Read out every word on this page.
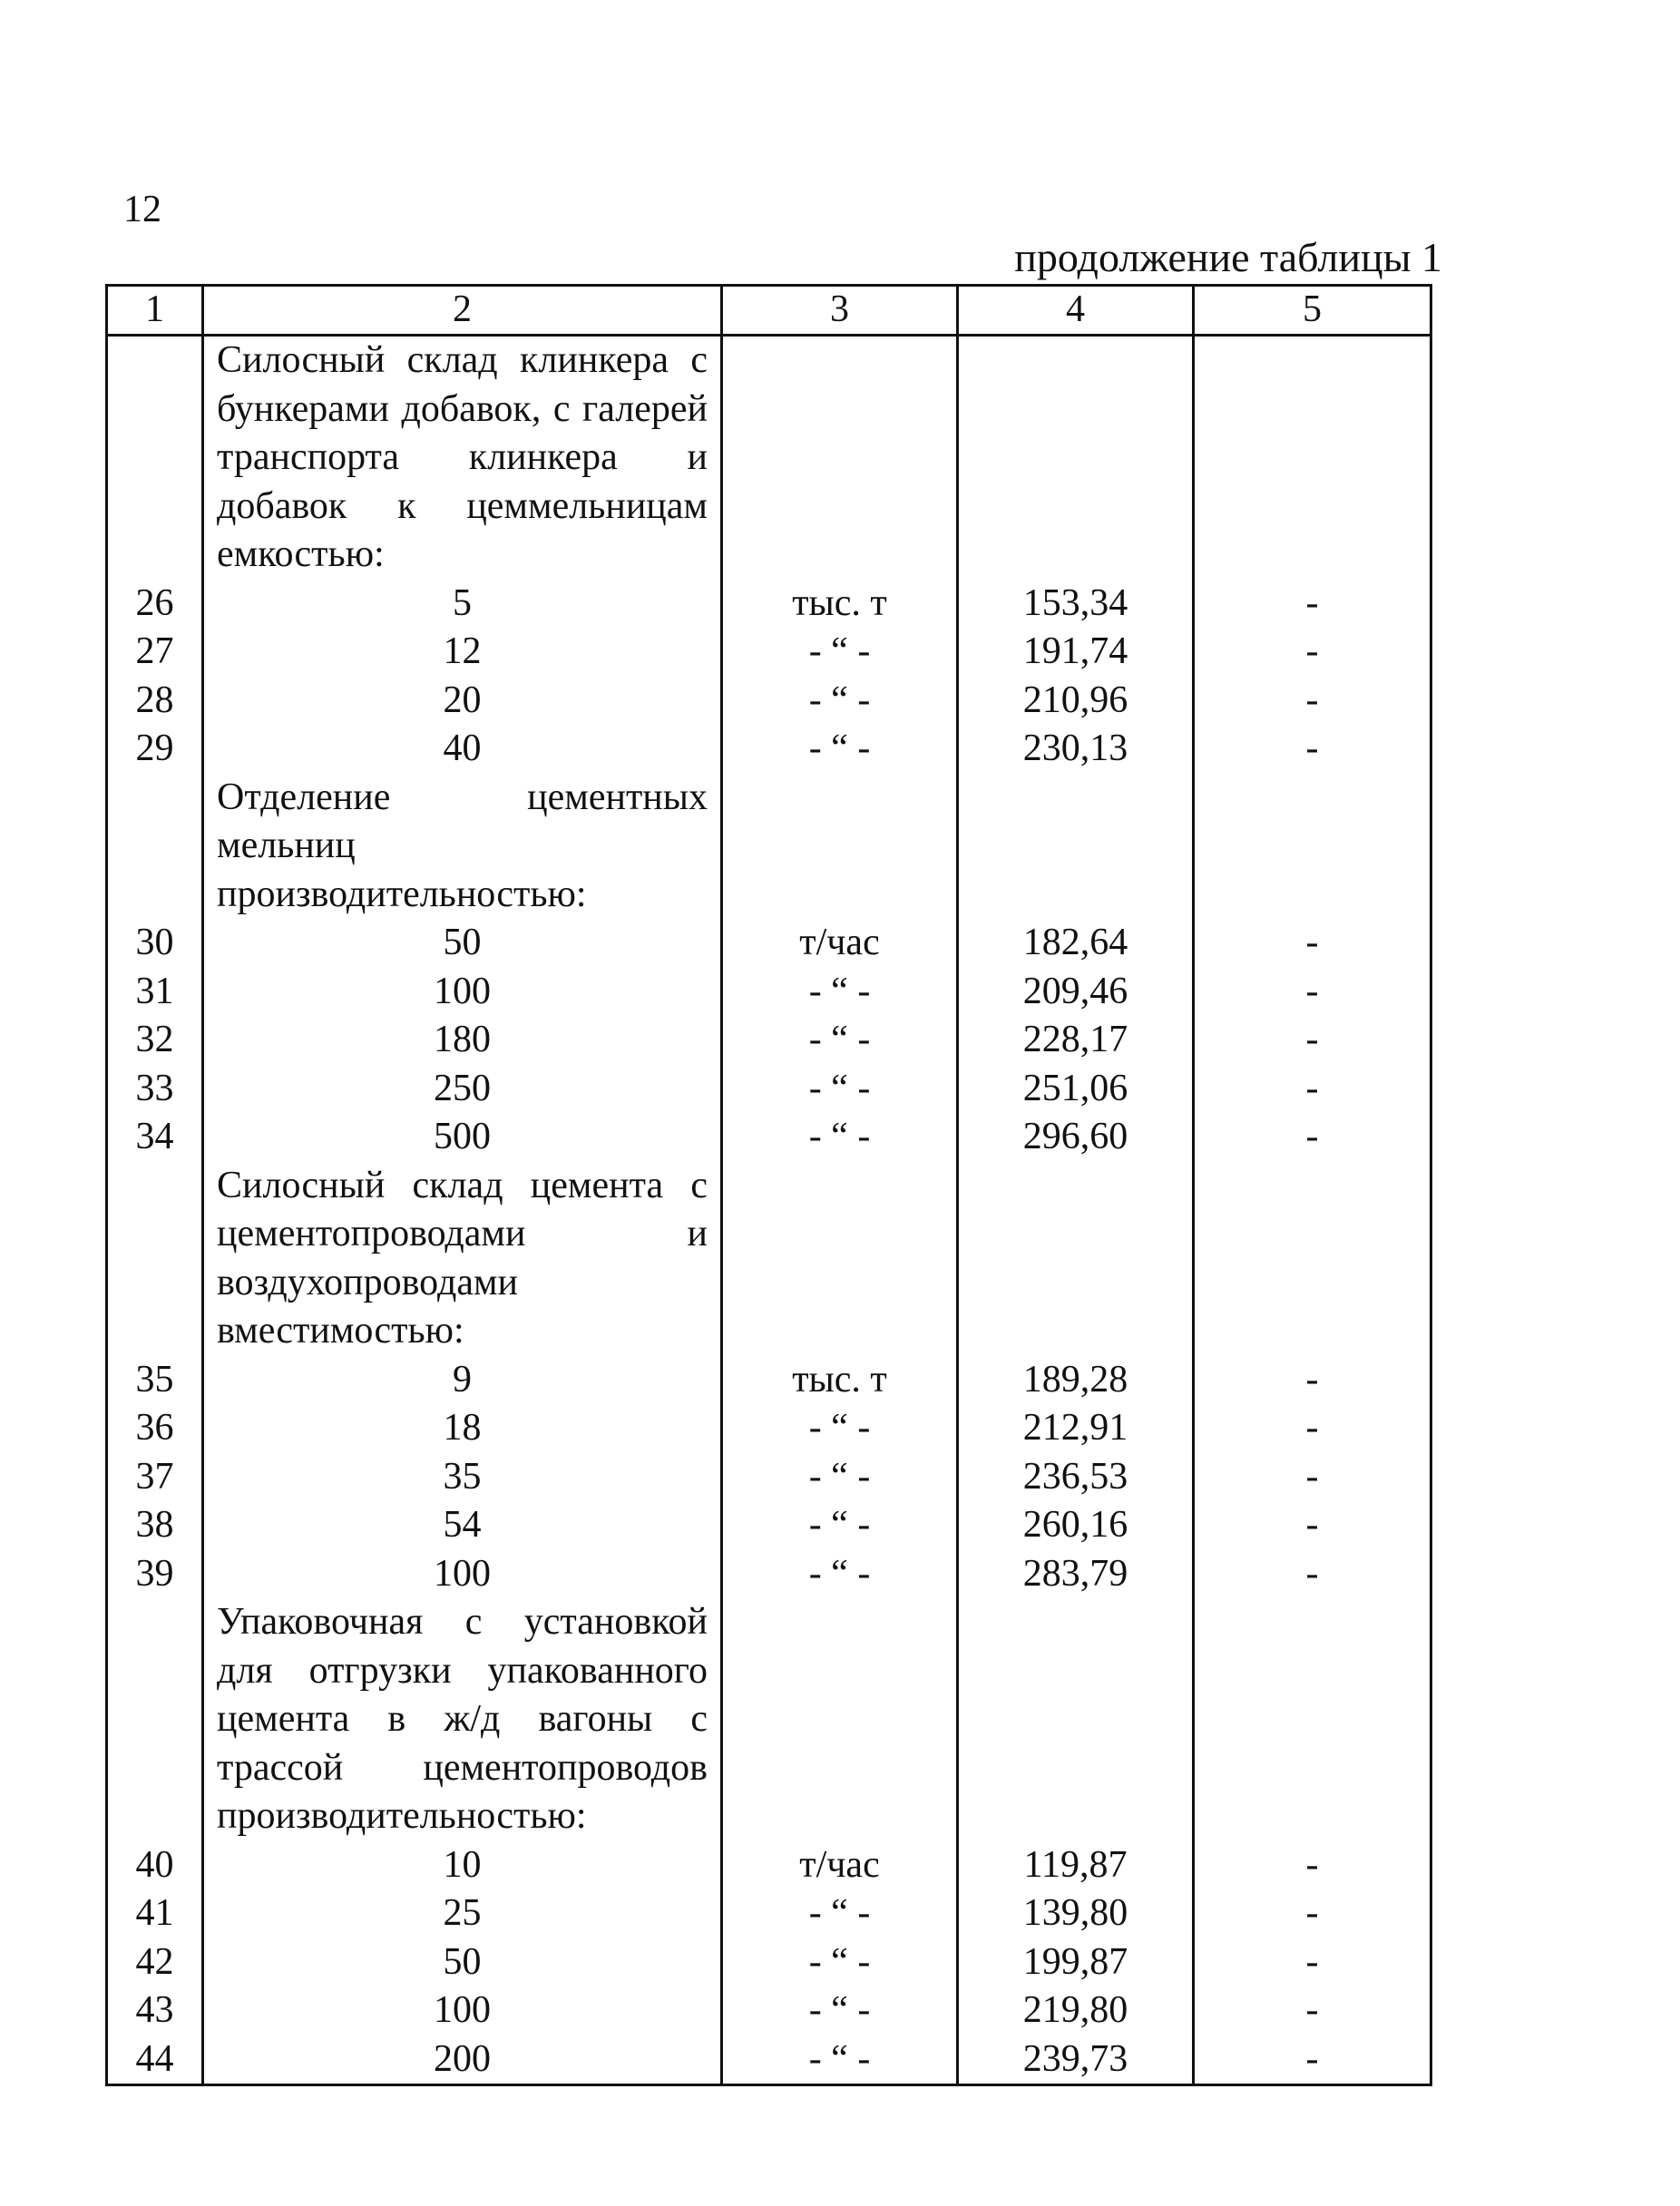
12
продолжение таблицы 1
1	2	3	4	5
	Силосный склад клинкера с бункерами добавок, с галерей транспорта клинкера и добавок к цеммельницам емкостью:			
26	5	тыс. т	153,34	-
27	12	- “ -	191,74	-
28	20	- “ -	210,96	-
29	40	- “ -	230,13	-
	Отделение цементных мельниц производительностью:			
30	50	т/час	182,64	-
31	100	- “ -	209,46	-
32	180	- “ -	228,17	-
33	250	- “ -	251,06	-
34	500	- “ -	296,60	-
	Силосный склад цемента с цементопроводами и воздухопроводами вместимостью:			
35	9	тыс. т	189,28	-
36	18	- “ -	212,91	-
37	35	- “ -	236,53	-
38	54	- “ -	260,16	-
39	100	- “ -	283,79	-
	Упаковочная с установкой для отгрузки упакованного цемента в ж/д вагоны с трассой цементопроводов производительностью:			
40	10	т/час	119,87	-
41	25	- “ -	139,80	-
42	50	- “ -	199,87	-
43	100	- “ -	219,80	-
44	200	- “ -	239,73	-
